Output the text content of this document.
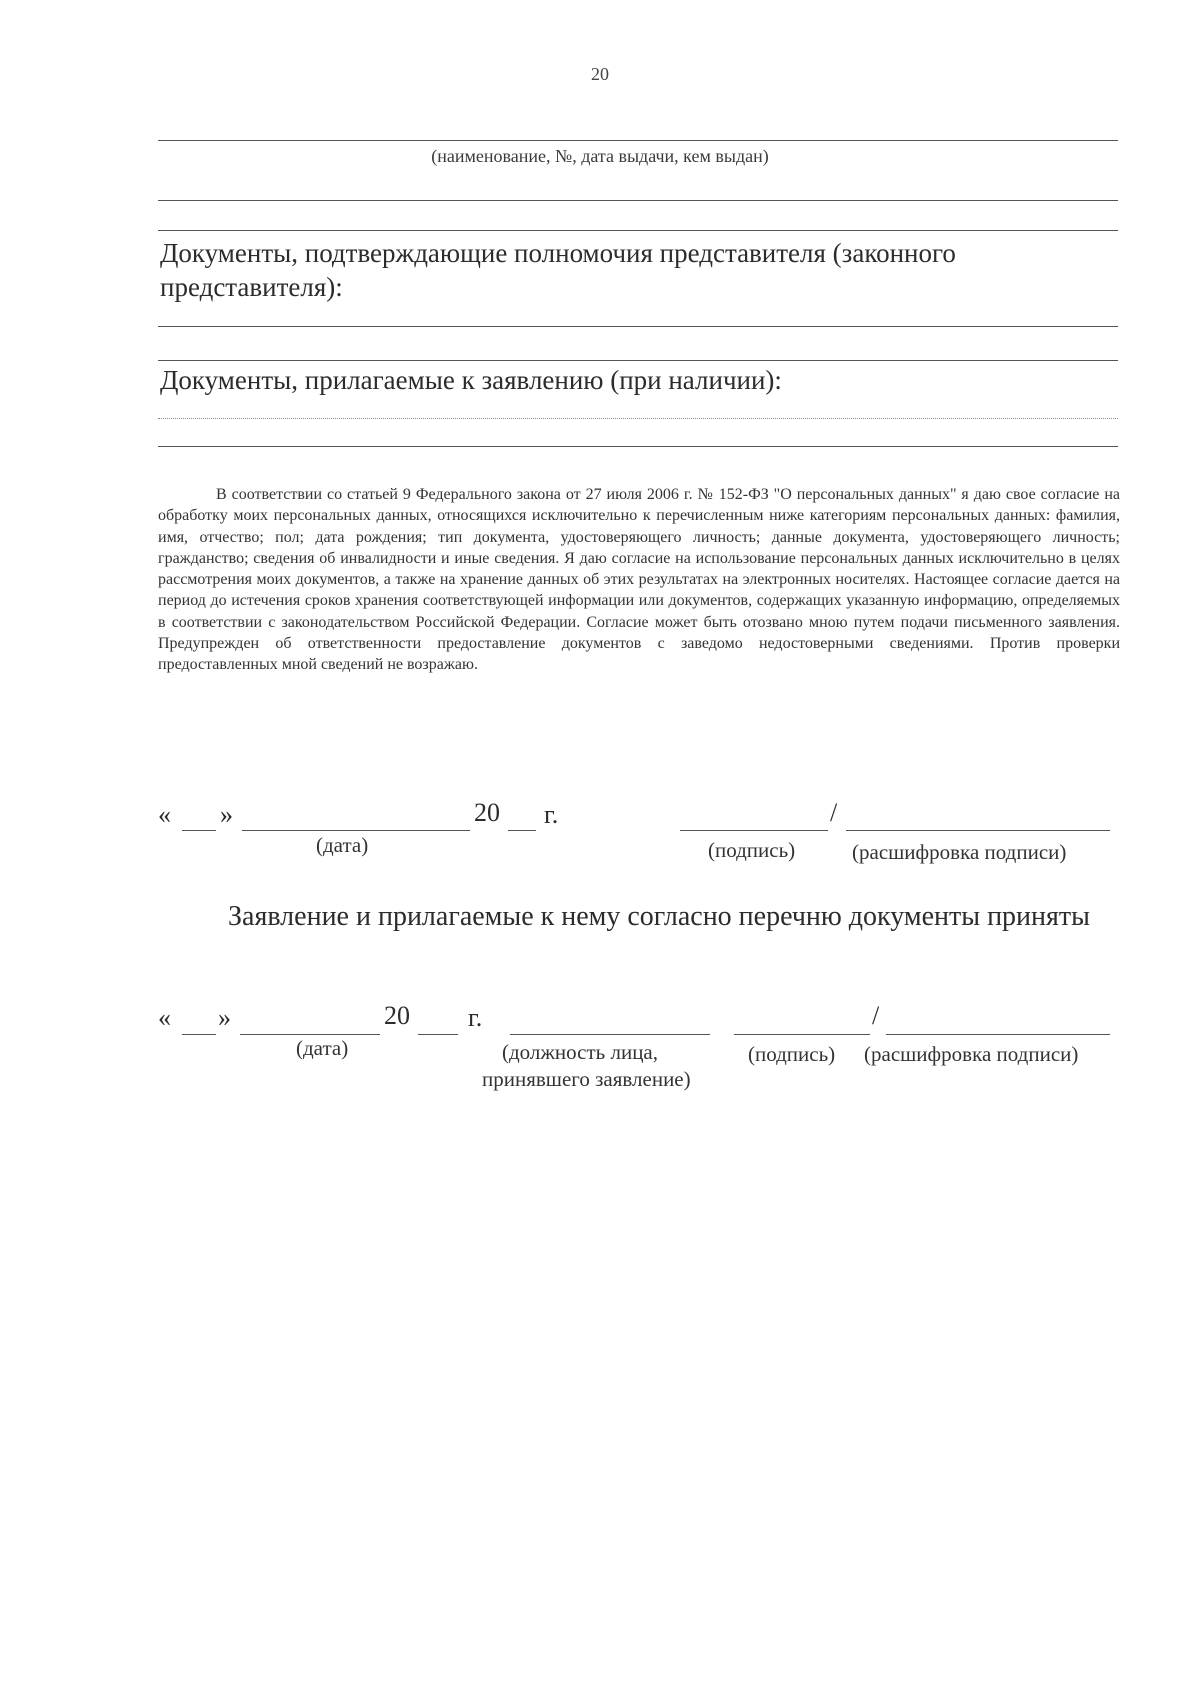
20
(наименование, №, дата выдачи, кем выдан)
Документы, подтверждающие полномочия представителя (законного представителя):
Документы, прилагаемые к заявлению (при наличии):
В соответствии со статьей 9 Федерального закона от 27 июля 2006 г. № 152-ФЗ "О персональных данных" я даю свое согласие на обработку моих персональных данных, относящихся исключительно к перечисленным ниже категориям персональных данных: фамилия, имя, отчество; пол; дата рождения; тип документа, удостоверяющего личность; данные документа, удостоверяющего личность; гражданство; сведения об инвалидности и иные сведения. Я даю согласие на использование персональных данных исключительно в целях рассмотрения моих документов, а также на хранение данных об этих результатах на электронных носителях. Настоящее согласие дается на период до истечения сроков хранения соответствующей информации или документов, содержащих указанную информацию, определяемых в соответствии с законодательством Российской Федерации. Согласие может быть отозвано мною путем подачи письменного заявления. Предупрежден об ответственности предоставление документов с заведомо недостоверными сведениями. Против проверки предоставленных мной сведений не возражаю.
« »	20 г.	/
(дата)	(подпись)	(расшифровка подписи)
Заявление и прилагаемые к нему согласно перечню документы приняты
« »	20 г.	/
(дата)	(должность лица,
принявшего заявление)
(подпись) (расшифровка подписи)
